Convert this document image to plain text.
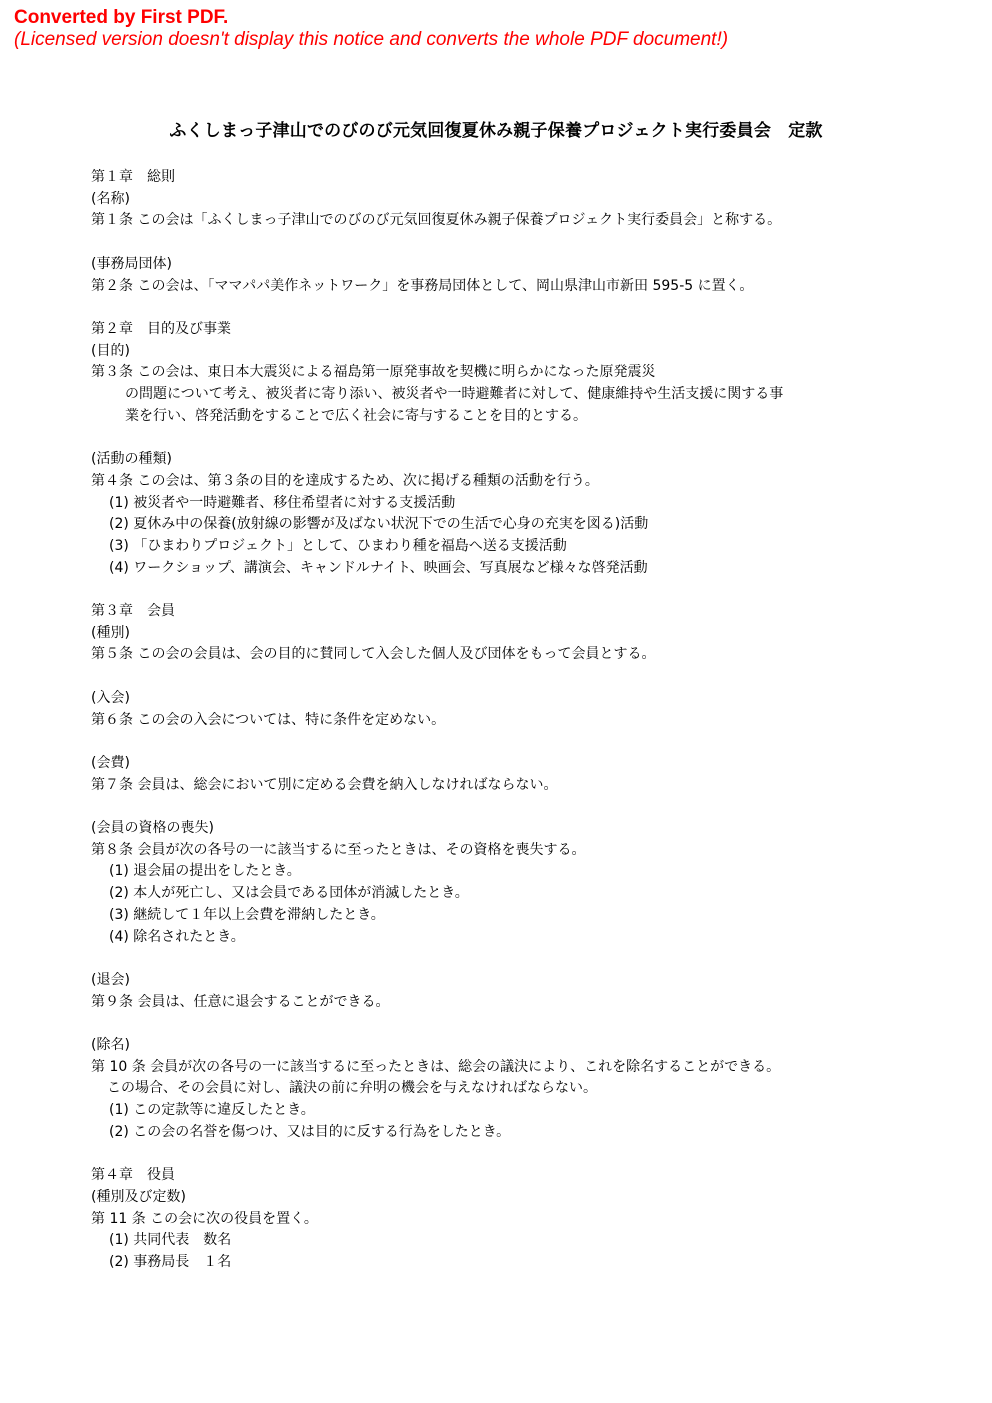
Converted by First PDF.

(Licensed version doesn't display this notice and converts the whole PDF document!)

ふくしまっ子津山でのびのび元気回復夏休み親子保養プロジェクト実行委員会　定款
第１章　総則
(名称)
第１条 この会は「ふくしまっ子津山でのびのび元気回復夏休み親子保養プロジェクト実行委員会」と称する。
(事務局団体)
第２条 この会は、「ママパパ美作ネットワーク」を事務局団体として、岡山県津山市新田 595-5 に置く。
第２章　目的及び事業
(目的)
第３条 この会は、東日本大震災による福島第一原発事故を契機に明らかになった原発震災
の問題について考え、被災者に寄り添い、被災者や一時避難者に対して、健康維持や生活支援に関する事
業を行い、啓発活動をすることで広く社会に寄与することを目的とする。
(活動の種類)
第４条 この会は、第３条の目的を達成するため、次に掲げる種類の活動を行う。
(1) 被災者や一時避難者、移住希望者に対する支援活動
(2) 夏休み中の保養(放射線の影響が及ばない状況下での生活で心身の充実を図る)活動
(3) 「ひまわりプロジェクト」として、ひまわり種を福島へ送る支援活動
(4) ワークショップ、講演会、キャンドルナイト、映画会、写真展など様々な啓発活動
第３章　会員
(種別)
第５条 この会の会員は、会の目的に賛同して入会した個人及び団体をもって会員とする。
(入会)
第６条 この会の入会については、特に条件を定めない。
(会費)
第７条 会員は、総会において別に定める会費を納入しなければならない。
(会員の資格の喪失)
第８条 会員が次の各号の一に該当するに至ったときは、その資格を喪失する。
(1) 退会届の提出をしたとき。
(2) 本人が死亡し、又は会員である団体が消滅したとき。
(3) 継続して１年以上会費を滞納したとき。
(4) 除名されたとき。
(退会)
第９条 会員は、任意に退会することができる。
(除名)
第 10 条 会員が次の各号の一に該当するに至ったときは、総会の議決により、これを除名することができる。
この場合、その会員に対し、議決の前に弁明の機会を与えなければならない。
(1) この定款等に違反したとき。
(2) この会の名誉を傷つけ、又は目的に反する行為をしたとき。
第４章　役員
(種別及び定数)
第 11 条 この会に次の役員を置く。
(1) 共同代表　数名
(2) 事務局長　１名
